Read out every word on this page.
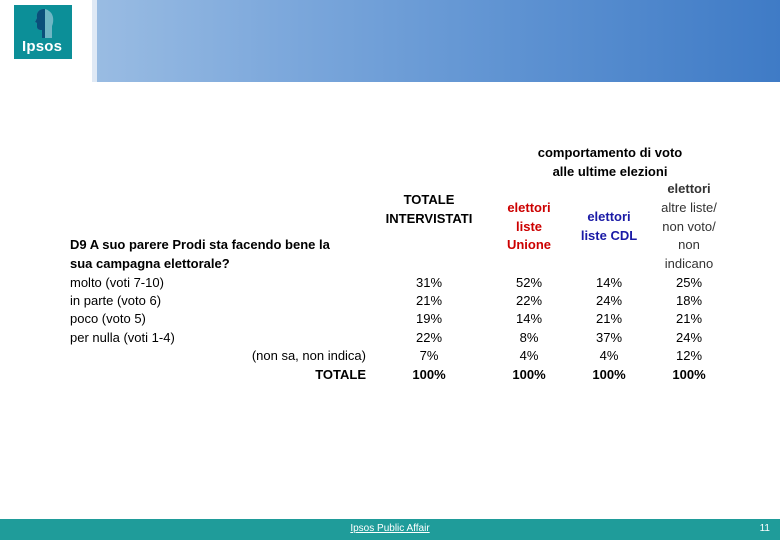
Ipsos
comportamento di voto
alle ultime elezioni
TOTALE
INTERVISTATI
elettori
liste
Unione
elettori
liste CDL
elettori
altre liste/
non voto/
non
indicano
D9 A suo parere Prodi sta facendo bene la
sua campagna elettorale?
molto (voti 7-10)
in parte (voto 6)
poco (voto 5)
per nulla (voti 1-4)
(non sa, non indica)
TOTALE
31%
21%
19%
22%
7%
100%
52%
22%
14%
8%
4%
100%
14%
24%
21%
37%
4%
100%
25%
18%
21%
24%
12%
100%
Ipsos Public Affair	11
